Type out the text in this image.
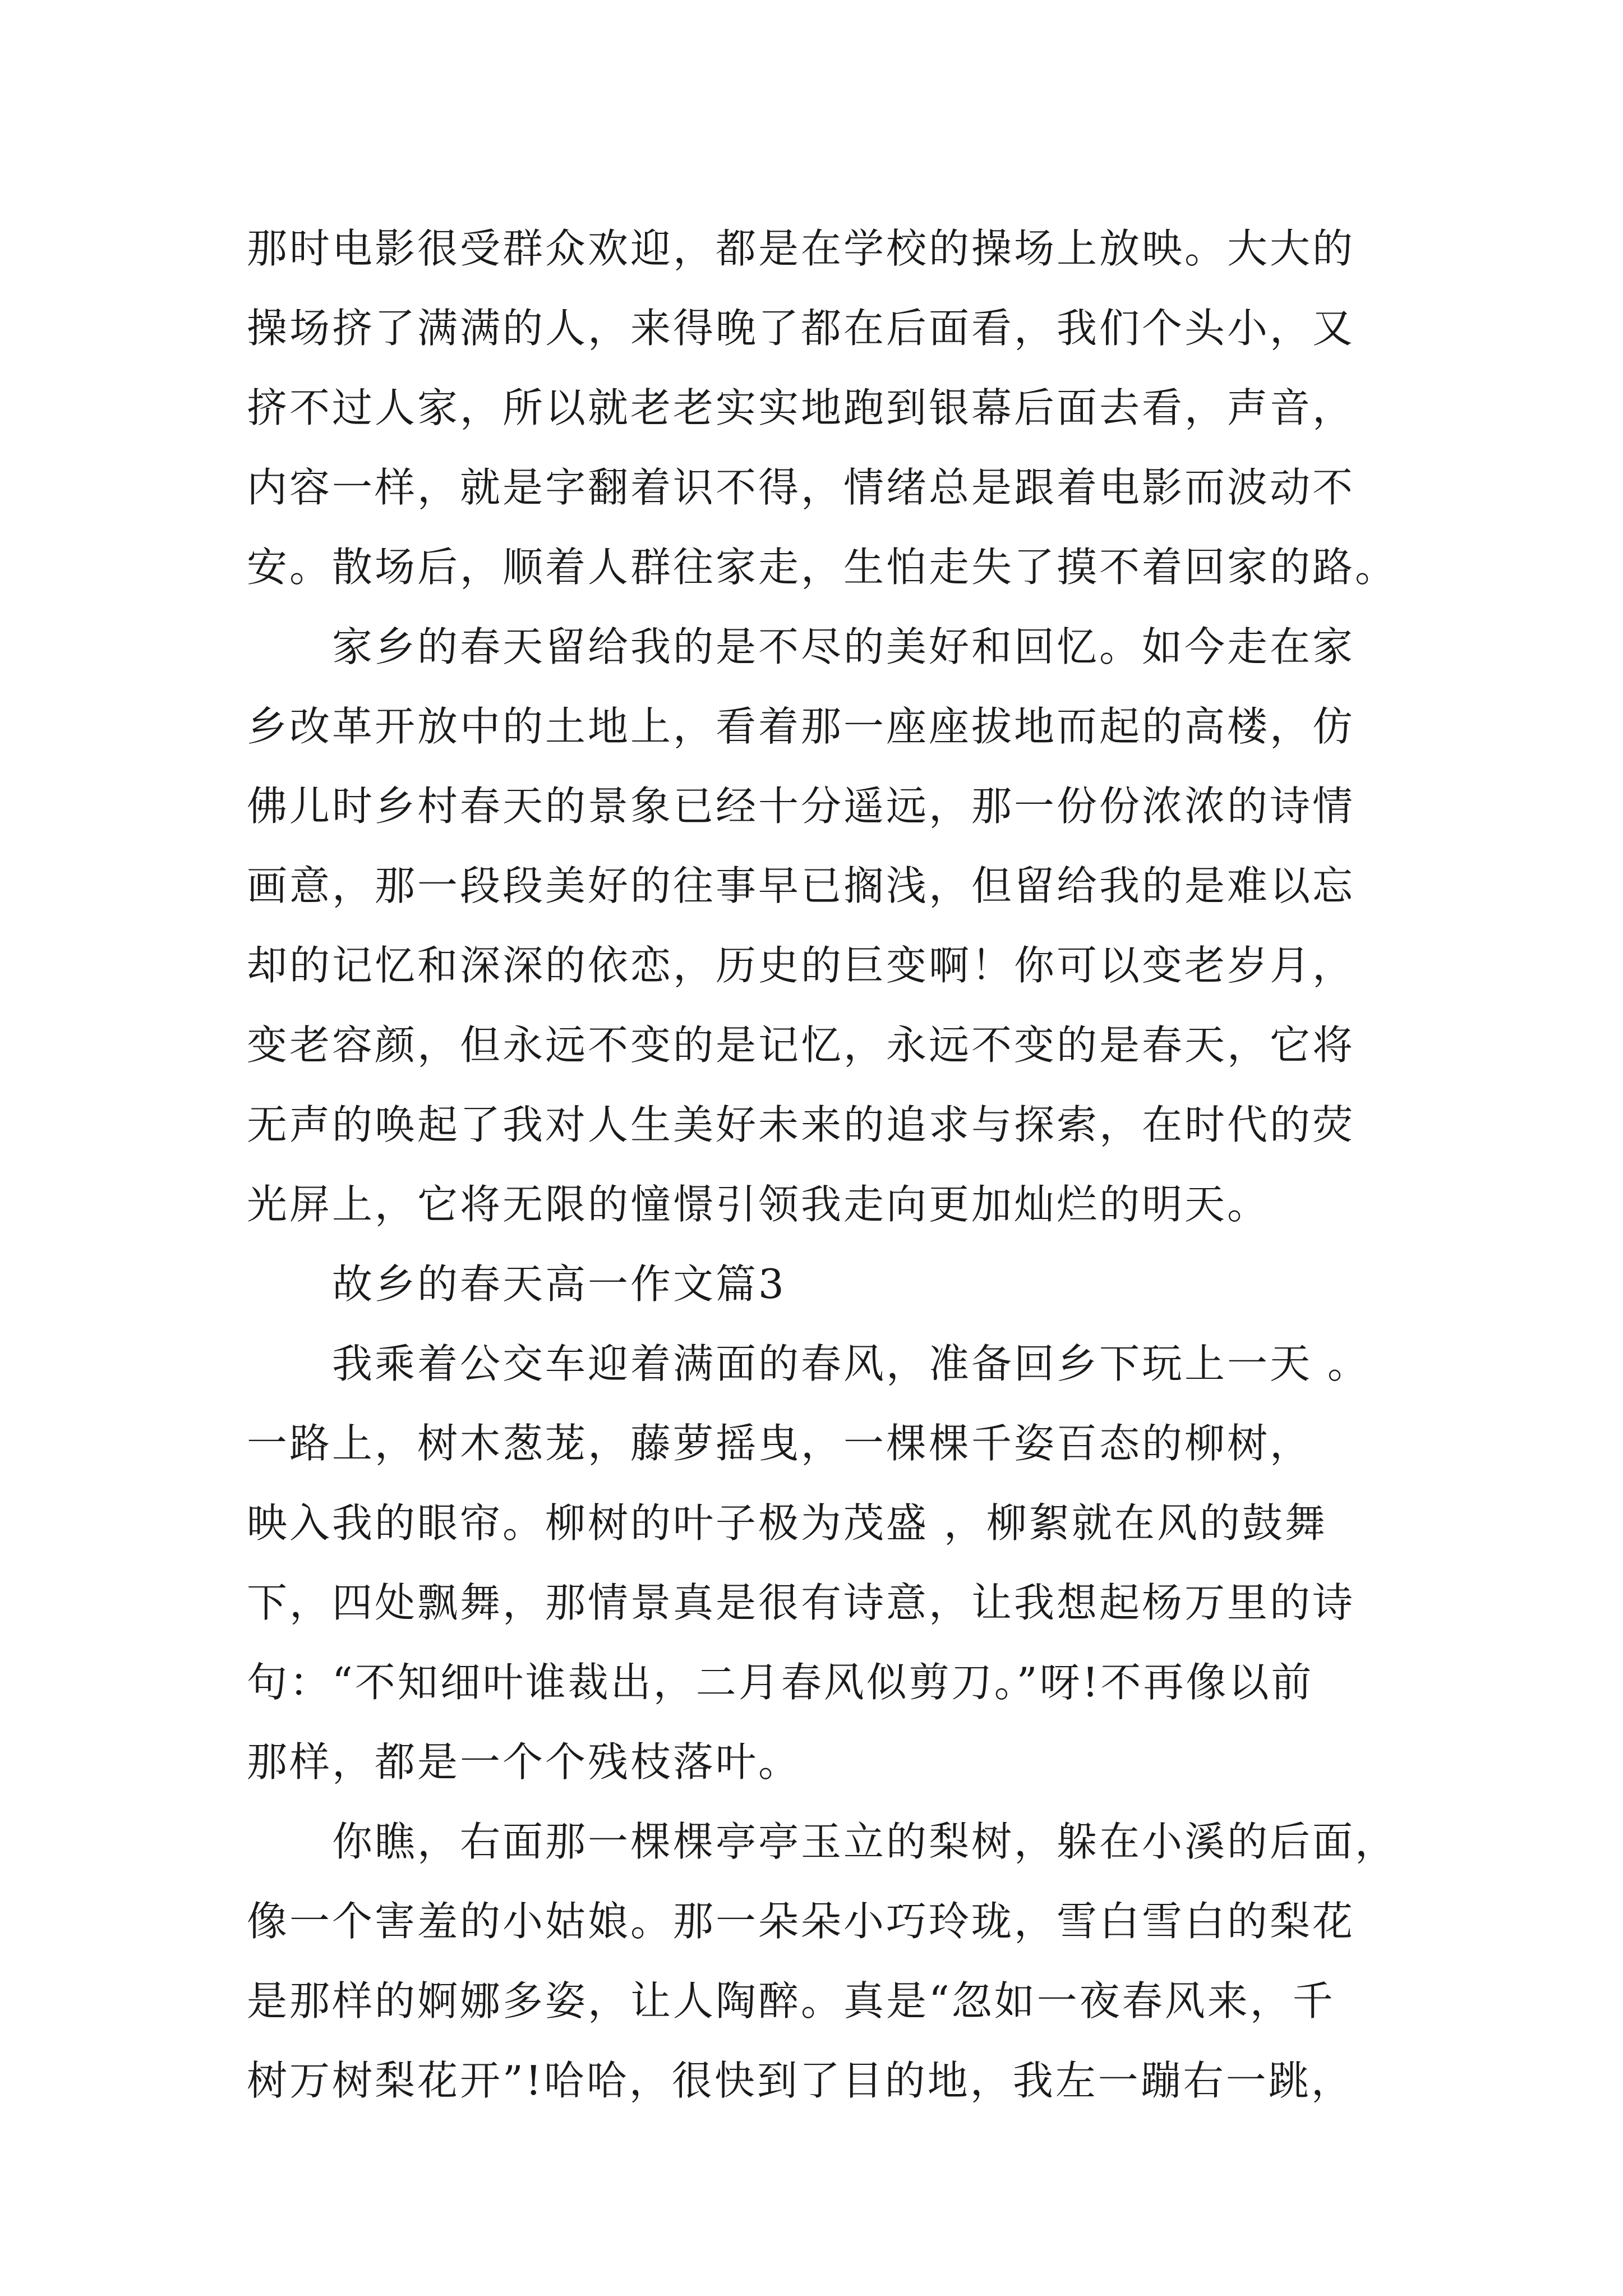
那时电影很受群众欢迎，都是在学校的操场上放映。大大的
操场挤了满满的人，来得晚了都在后面看，我们个头小，又
挤不过人家，所以就老老实实地跑到银幕后面去看，声音，
内容一样，就是字翻着识不得，情绪总是跟着电影而波动不
安。散场后，顺着人群往家走，生怕走失了摸不着回家的路。
　　家乡的春天留给我的是不尽的美好和回忆。如今走在家
乡改革开放中的土地上，看着那一座座拔地而起的高楼，仿
佛儿时乡村春天的景象已经十分遥远，那一份份浓浓的诗情
画意，那一段段美好的往事早已搁浅，但留给我的是难以忘
却的记忆和深深的依恋，历史的巨变啊！你可以变老岁月，
变老容颜，但永远不变的是记忆，永远不变的是春天，它将
无声的唤起了我对人生美好未来的追求与探索，在时代的荧
光屏上，它将无限的憧憬引领我走向更加灿烂的明天。
　　故乡的春天高一作文篇3
　　我乘着公交车迎着满面的春风，准备回乡下玩上一天 。
一路上，树木葱茏，藤萝摇曳，一棵棵千姿百态的柳树，
映入我的眼帘。柳树的叶子极为茂盛 ，柳絮就在风的鼓舞
下，四处飘舞，那情景真是很有诗意，让我想起杨万里的诗
句：“不知细叶谁裁出，二月春风似剪刀。”呀!不再像以前
那样，都是一个个残枝落叶。
　　你瞧，右面那一棵棵亭亭玉立的梨树，躲在小溪的后面，
像一个害羞的小姑娘。那一朵朵小巧玲珑，雪白雪白的梨花
是那样的婀娜多姿，让人陶醉。真是“忽如一夜春风来，千
树万树梨花开”!哈哈，很快到了目的地，我左一蹦右一跳，
